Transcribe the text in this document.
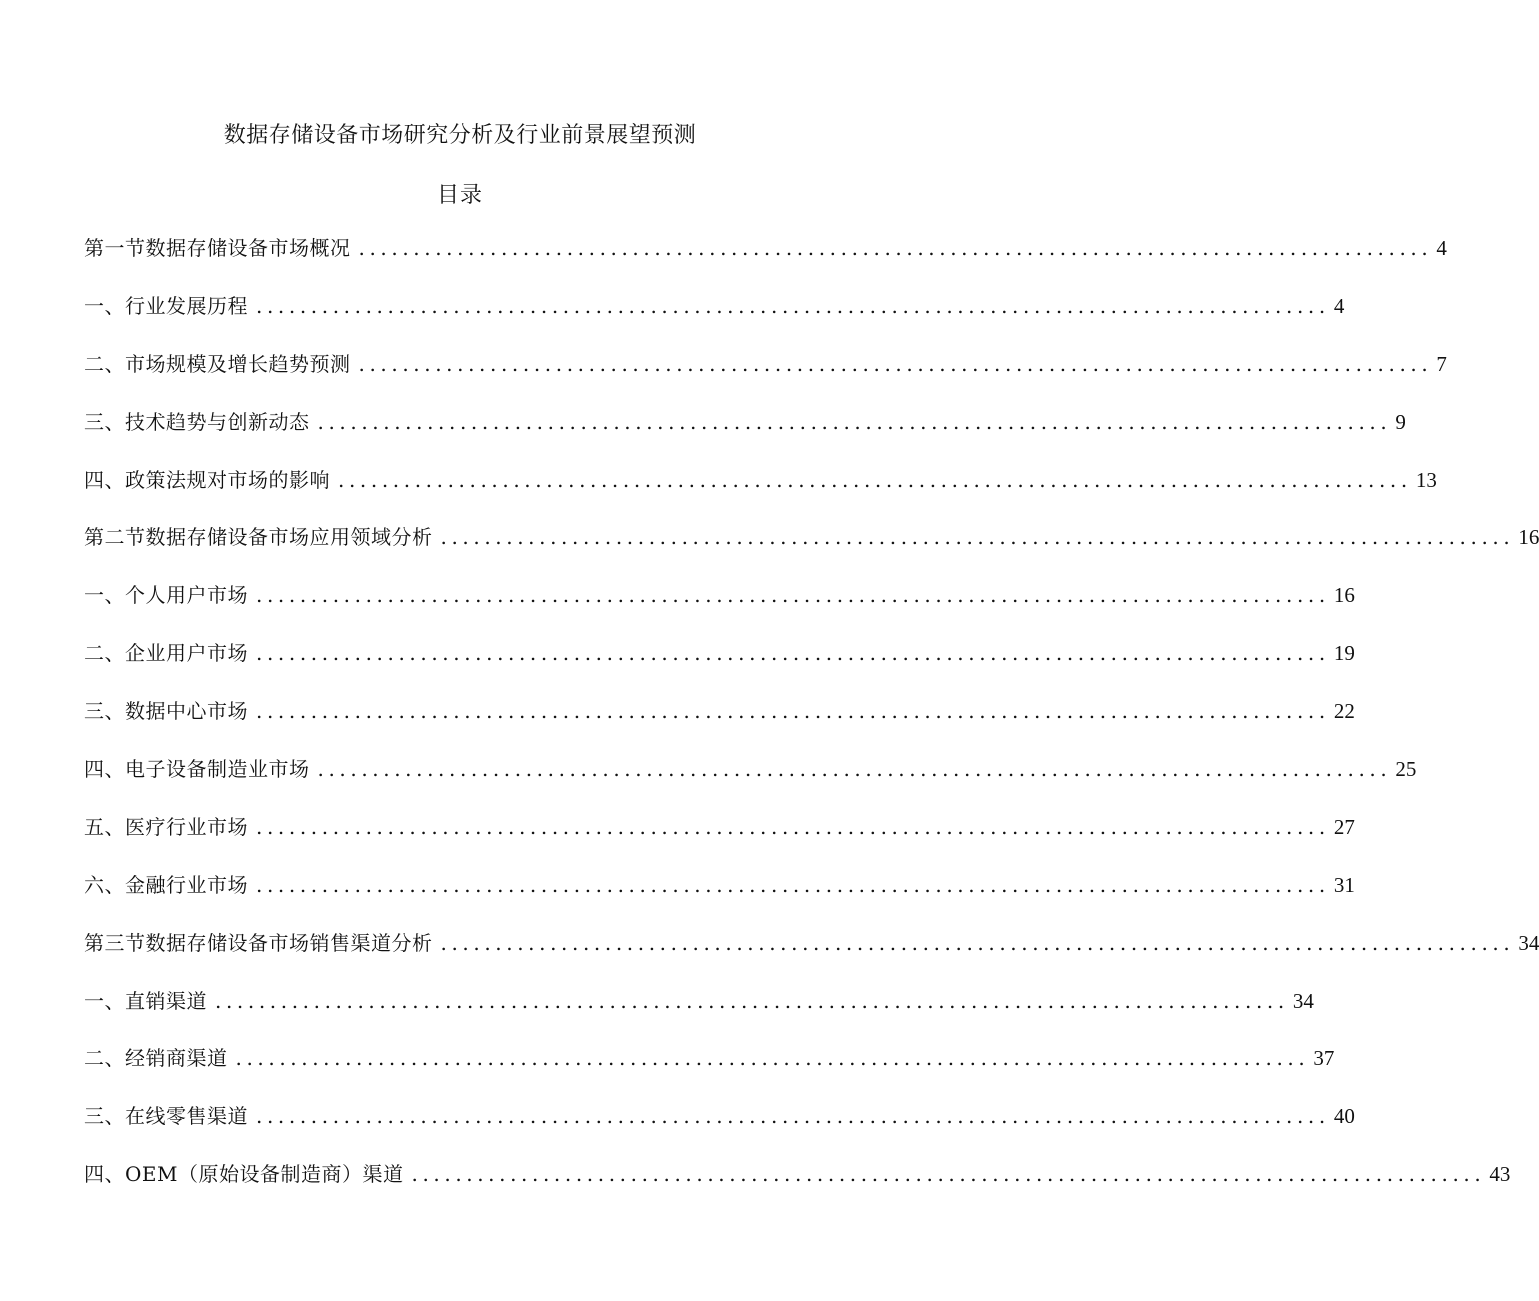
数据存储设备市场研究分析及行业前景展望预测
目录
第一节数据存储设备市场概况 .................................................................................................. 4
一、行业发展历程 .................................................................................................. 4
二、市场规模及增长趋势预测 .................................................................................................. 7
三、技术趋势与创新动态 .................................................................................................. 9
四、政策法规对市场的影响 .................................................................................................. 13
第二节数据存储设备市场应用领域分析 .................................................................................................. 16
一、个人用户市场 .................................................................................................. 16
二、企业用户市场 .................................................................................................. 19
三、数据中心市场 .................................................................................................. 22
四、电子设备制造业市场 .................................................................................................. 25
五、医疗行业市场 .................................................................................................. 27
六、金融行业市场 .................................................................................................. 31
第三节数据存储设备市场销售渠道分析 .................................................................................................. 34
一、直销渠道 .................................................................................................. 34
二、经销商渠道 .................................................................................................. 37
三、在线零售渠道 .................................................................................................. 40
四、OEM（原始设备制造商）渠道 .................................................................................................. 43
